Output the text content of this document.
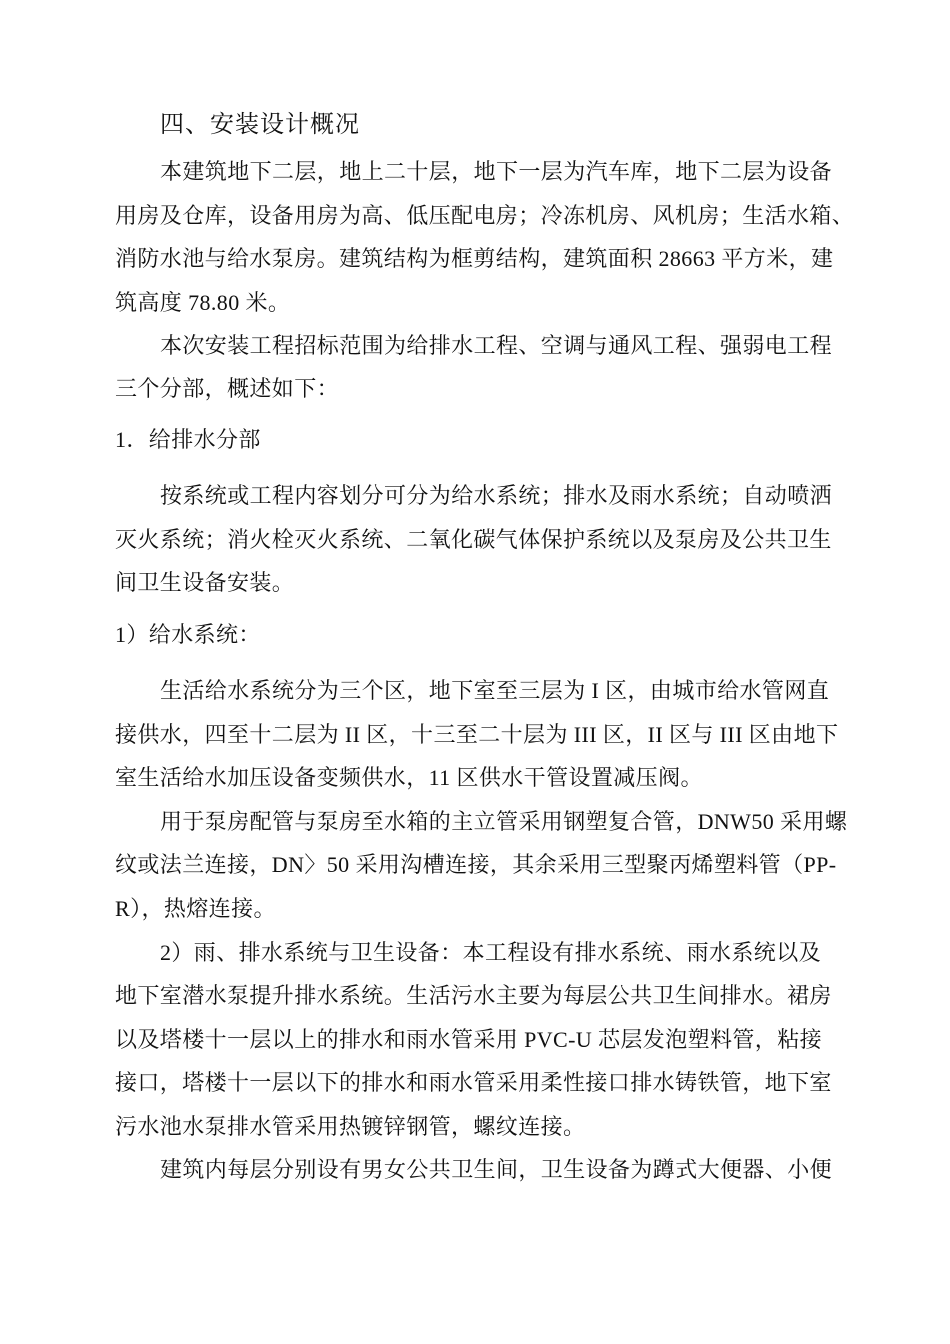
四、安装设计概况
本建筑地下二层，地上二十层，地下一层为汽车库，地下二层为设备
用房及仓库，设备用房为高、低压配电房；冷冻机房、风机房；生活水箱、
消防水池与给水泵房。建筑结构为框剪结构，建筑面积 28663 平方米，建
筑高度 78.80 米。
本次安装工程招标范围为给排水工程、空调与通风工程、强弱电工程
三个分部，概述如下：
1．给排水分部
按系统或工程内容划分可分为给水系统；排水及雨水系统；自动喷洒
灭火系统；消火栓灭火系统、二氧化碳气体保护系统以及泵房及公共卫生
间卫生设备安装。
1）给水系统：
生活给水系统分为三个区，地下室至三层为 I 区，由城市给水管网直
接供水，四至十二层为 II 区，十三至二十层为 III 区，II 区与 III 区由地下
室生活给水加压设备变频供水，11 区供水干管设置减压阀。
用于泵房配管与泵房至水箱的主立管采用钢塑复合管，DNW50 采用螺
纹或法兰连接，DN〉50 采用沟槽连接，其余采用三型聚丙烯塑料管（PP-
R），热熔连接。
2）雨、排水系统与卫生设备：本工程设有排水系统、雨水系统以及
地下室潜水泵提升排水系统。生活污水主要为每层公共卫生间排水。裙房
以及塔楼十一层以上的排水和雨水管采用 PVC-U 芯层发泡塑料管，粘接
接口，塔楼十一层以下的排水和雨水管采用柔性接口排水铸铁管，地下室
污水池水泵排水管采用热镀锌钢管，螺纹连接。
建筑内每层分别设有男女公共卫生间，卫生设备为蹲式大便器、小便
